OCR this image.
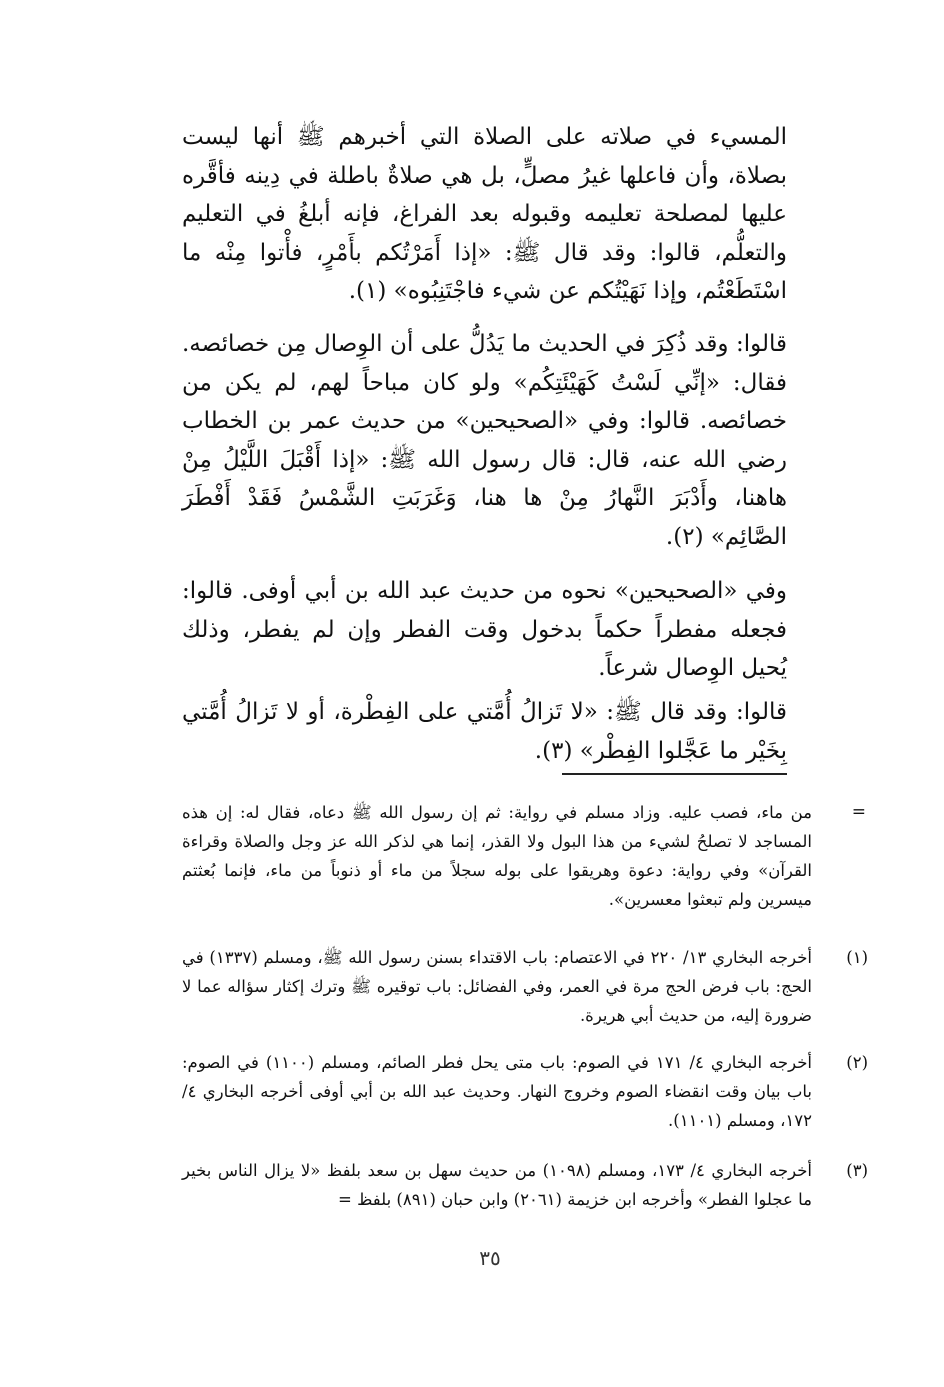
المسيء في صلاته على الصلاة التي أخبرهم ﷺ أنها ليست بصلاة، وأن فاعلها غيرُ مصلٍّ، بل هي صلاةٌ باطلة في دِينه فأقَّره عليها لمصلحة تعليمه وقبوله بعد الفراغ، فإنه أبلغُ في التعليم والتعلُّم، قالوا: وقد قال ﷺ: «إذا أَمَرْتُكم بأَمْرٍ، فأْتوا مِنْه ما اسْتَطَعْتُم، وإذا نَهَيْتُكم عن شيء فاجْتَنِبُوه» (١).

قالوا: وقد ذُكِرَ في الحديث ما يَدُلُّ على أن الوِصال مِن خصائصه. فقال: «إنِّي لَسْتُ كَهَيْئَتِكُم» ولو كان مباحاً لهم، لم يكن من خصائصه. قالوا: وفي «الصحيحين» من حديث عمر بن الخطاب رضي الله عنه، قال: قال رسول الله ﷺ: «إذا أَقْبَلَ اللَّيْلُ مِنْ هاهنا، وأَدْبَرَ النَّهارُ مِنْ ها هنا، وَغَرَبَتِ الشَّمْسُ فَقَدْ أَفْطَرَ الصَّائِم» (٢).

وفي «الصحيحين» نحوه من حديث عبد الله بن أبي أوفى. قالوا: فجعله مفطراً حكماً بدخول وقت الفطر وإن لم يفطر، وذلك يُحيل الوِصال شرعاً.

قالوا: وقد قال ﷺ: «لا تَزالُ أُمَّتي على الفِطْرة، أو لا تَزالُ أُمَّتي بِخَيْر ما عَجَّلوا الفِطْر» (٣).

=
من ماء، فصب عليه. وزاد مسلم في رواية: ثم إن رسول الله ﷺ دعاه، فقال له: إن هذه المساجد لا تصلحُ لشيء من هذا البول ولا القذر، إنما هي لذكر الله عز وجل والصلاة وقراءة القرآن» وفي رواية: دعوة وهريقوا على بوله سجلاً من ماء أو ذنوباً من ماء، فإنما بُعثتم ميسرين ولم تبعثوا معسرين».
(١)
أخرجه البخاري ١٣/ ٢٢٠ في الاعتصام: باب الاقتداء بسنن رسول الله ﷺ، ومسلم (١٣٣٧) في الحج: باب فرض الحج مرة في العمر، وفي الفضائل: باب توقيره ﷺ وترك إكثار سؤاله عما لا ضرورة إليه، من حديث أبي هريرة.
(٢)
أخرجه البخاري ٤/ ١٧١ في الصوم: باب متى يحل فطر الصائم، ومسلم (١١٠٠) في الصوم: باب بيان وقت انقضاء الصوم وخروج النهار. وحديث عبد الله بن أبي أوفى أخرجه البخاري ٤/ ١٧٢، ومسلم (١١٠١).
(٣)
أخرجه البخاري ٤/ ١٧٣، ومسلم (١٠٩٨) من حديث سهل بن سعد بلفظ «لا يزال الناس بخير ما عجلوا الفطر» وأخرجه ابن خزيمة (٢٠٦١) وابن حبان (٨٩١) بلفظ =
٣٥
